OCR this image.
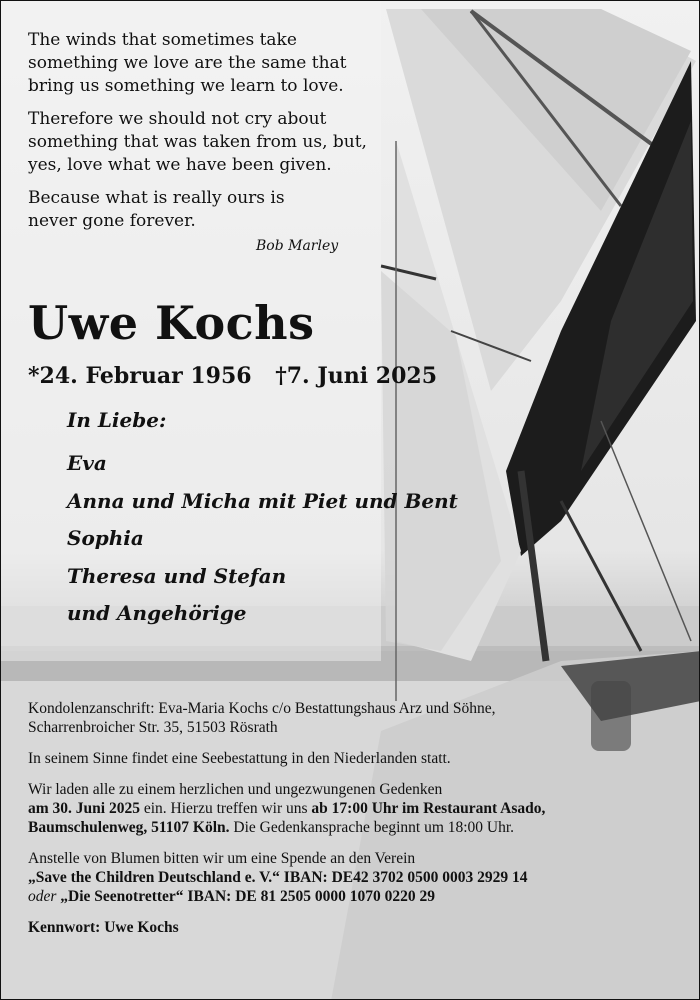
The winds that sometimes take
something we love are the same that
bring us something we learn to love.

Therefore we should not cry about
something that was taken from us, but,
yes, love what we have been given.

Because what is really ours is
never gone forever.

Bob Marley
Uwe Kochs
*24. Februar 1956 †7. Juni 2025
In Liebe:
Eva
Anna und Micha mit Piet und Bent
Sophia
Theresa und Stefan
und Angehörige

Kondolenzanschrift: Eva-Maria Kochs c/o Bestattungshaus Arz und Söhne,
Scharrenbroicher Str. 35, 51503 Rösrath

In seinem Sinne findet eine Seebestattung in den Niederlanden statt.

Wir laden alle zu einem herzlichen und ungezwungenen Gedenken
am 30. Juni 2025 ein. Hierzu treffen wir uns ab 17:00 Uhr im Restaurant Asado,
Baumschulenweg, 51107 Köln. Die Gedenkansprache beginnt um 18:00 Uhr.

Anstelle von Blumen bitten wir um eine Spende an den Verein
„Save the Children Deutschland e. V.“ IBAN: DE42 3702 0500 0003 2929 14
oder „Die Seenotretter“ IBAN: DE 81 2505 0000 1070 0220 29

Kennwort: Uwe Kochs
